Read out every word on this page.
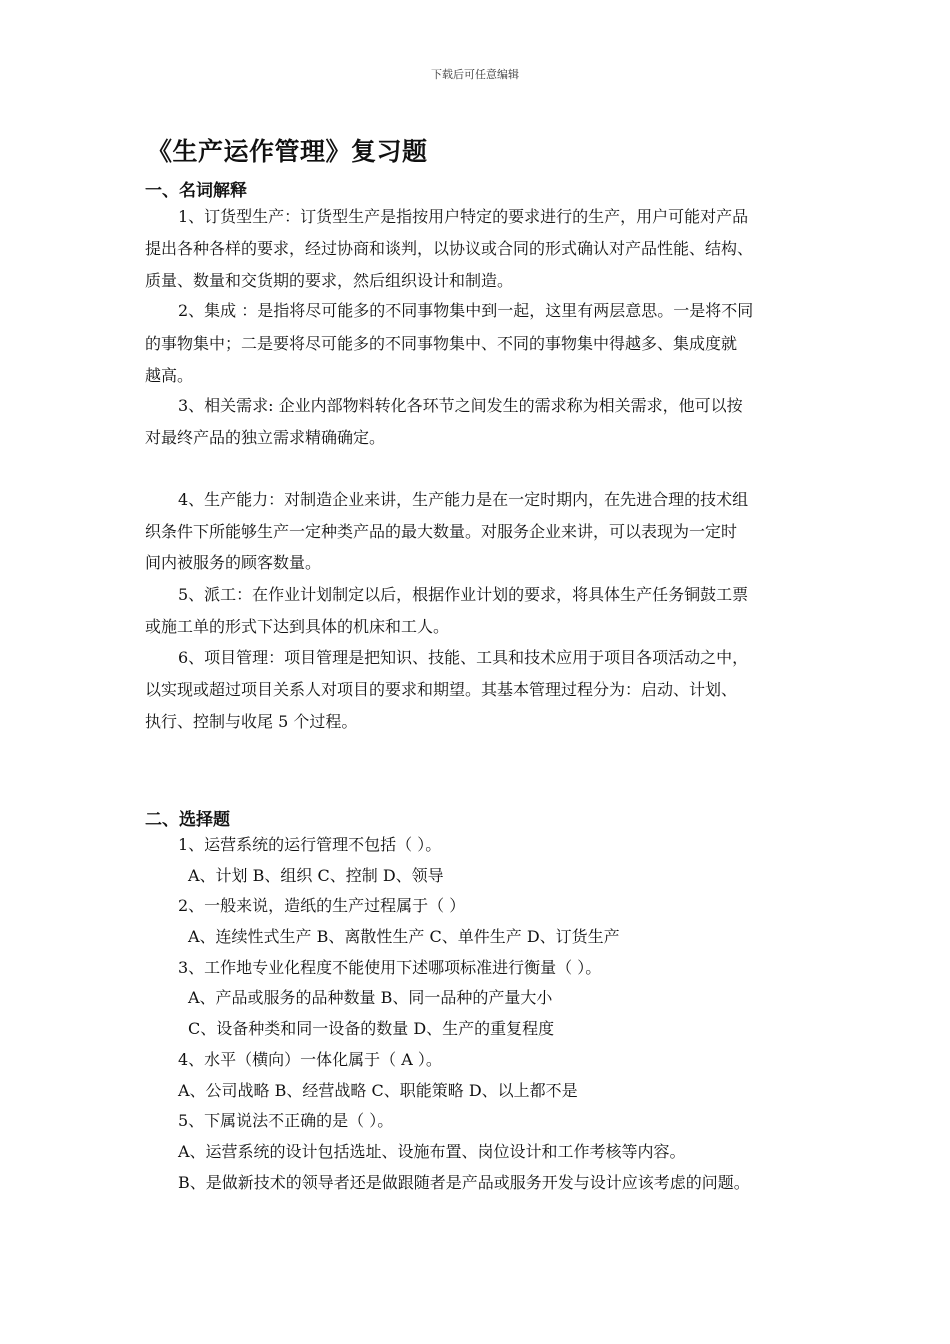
下载后可任意编辑
《生产运作管理》复习题
一、名词解释
1、订货型生产：订货型生产是指按用户特定的要求进行的生产，用户可能对产品
提出各种各样的要求，经过协商和谈判，以协议或合同的形式确认对产品性能、结构、
质量、数量和交货期的要求，然后组织设计和制造。
2、集成 ：是指将尽可能多的不同事物集中到一起，这里有两层意思。一是将不同
的事物集中；二是要将尽可能多的不同事物集中、不同的事物集中得越多、集成度就
越高。
3、相关需求: 企业内部物料转化各环节之间发生的需求称为相关需求，他可以按
对最终产品的独立需求精确确定。
4、生产能力：对制造企业来讲，生产能力是在一定时期内，在先进合理的技术组
织条件下所能够生产一定种类产品的最大数量。对服务企业来讲，可以表现为一定时
间内被服务的顾客数量。
5、派工：在作业计划制定以后，根据作业计划的要求，将具体生产任务铜鼓工票
或施工单的形式下达到具体的机床和工人。
6、项目管理：项目管理是把知识、技能、工具和技术应用于项目各项活动之中，
以实现或超过项目关系人对项目的要求和期望。其基本管理过程分为：启动、计划、
执行、控制与收尾 5 个过程。
二、选择题
1、运营系统的运行管理不包括（ ）。
A、计划 B、组织 C、控制 D、领导
2、一般来说，造纸的生产过程属于（ ）
A、连续性式生产 B、离散性生产 C、单件生产 D、订货生产
3、工作地专业化程度不能使用下述哪项标准进行衡量（ ）。
A、产品或服务的品种数量 B、同一品种的产量大小
C、设备种类和同一设备的数量 D、生产的重复程度
4、水平（横向）一体化属于（ A ）。
A、公司战略 B、经营战略 C、职能策略 D、以上都不是
5、下属说法不正确的是（ ）。
A、运营系统的设计包括选址、设施布置、岗位设计和工作考核等内容。
B、是做新技术的领导者还是做跟随者是产品或服务开发与设计应该考虑的问题。
